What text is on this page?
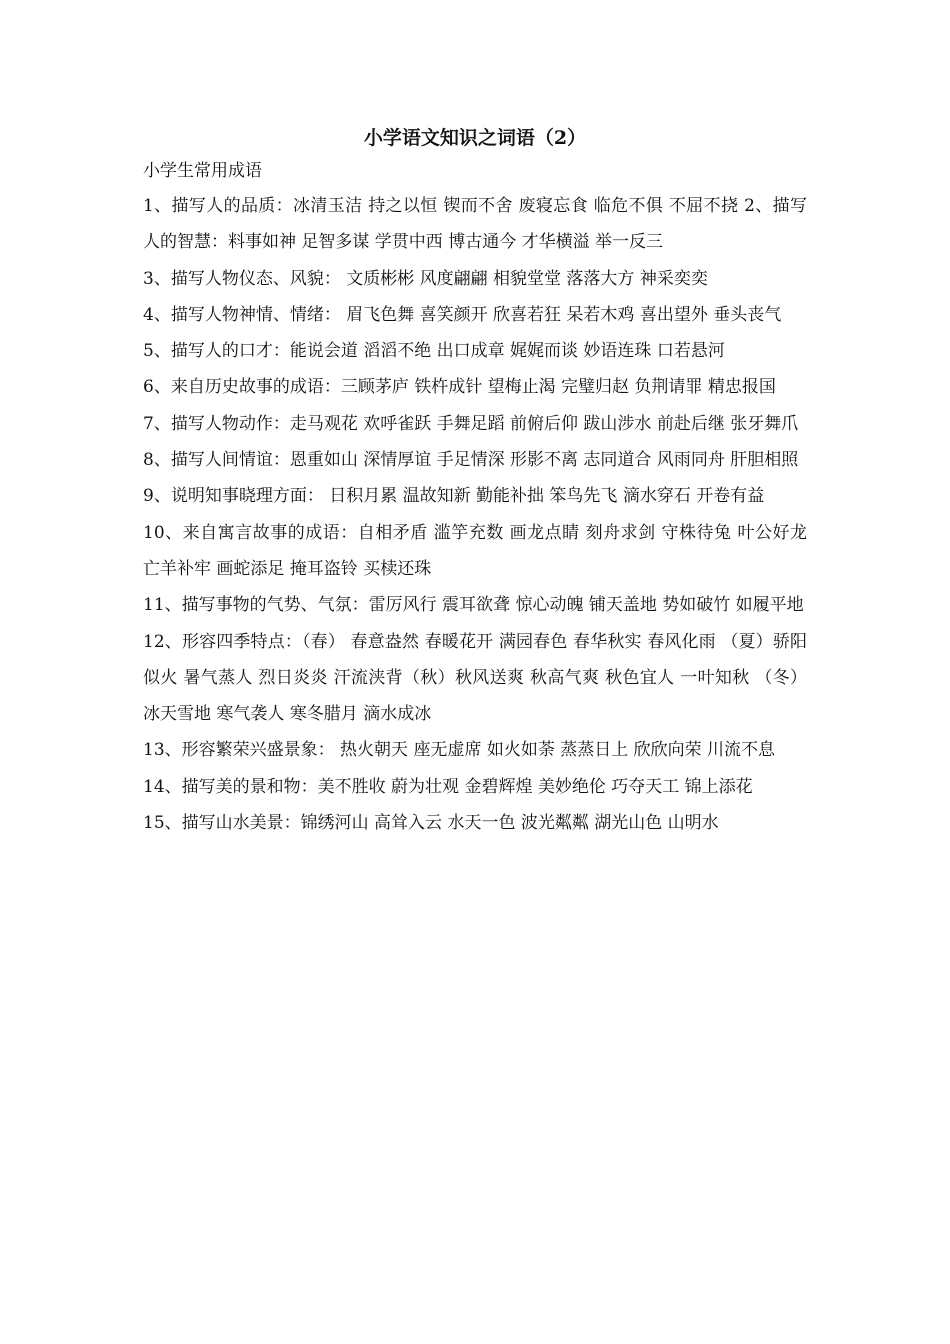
小学语文知识之词语（2）

小学生常用成语

1、描写人的品质：冰清玉洁 持之以恒 锲而不舍 废寝忘食 临危不俱 不屈不挠 2、描写人的智慧：料事如神 足智多谋 学贯中西 博古通今 才华横溢 举一反三

3、描写人物仪态、风貌： 文质彬彬 风度翩翩 相貌堂堂 落落大方 神采奕奕

4、描写人物神情、情绪： 眉飞色舞 喜笑颜开 欣喜若狂 呆若木鸡 喜出望外 垂头丧气

5、描写人的口才：能说会道 滔滔不绝 出口成章 娓娓而谈 妙语连珠 口若悬河

6、来自历史故事的成语：三顾茅庐 铁杵成针 望梅止渴 完璧归赵 负荆请罪 精忠报国

7、描写人物动作：走马观花 欢呼雀跃 手舞足蹈 前俯后仰 跋山涉水 前赴后继 张牙舞爪

8、描写人间情谊：恩重如山 深情厚谊 手足情深 形影不离 志同道合 风雨同舟 肝胆相照

9、说明知事晓理方面： 日积月累 温故知新 勤能补拙 笨鸟先飞 滴水穿石 开卷有益

10、来自寓言故事的成语：自相矛盾 滥竽充数 画龙点睛 刻舟求剑 守株待兔 叶公好龙 亡羊补牢 画蛇添足 掩耳盗铃 买椟还珠

11、描写事物的气势、气氛：雷厉风行 震耳欲聋 惊心动魄 铺天盖地 势如破竹 如履平地

12、形容四季特点：（春） 春意盎然 春暖花开 满园春色 春华秋实 春风化雨 （夏）骄阳似火 暑气蒸人 烈日炎炎 汗流浃背（秋）秋风送爽 秋高气爽 秋色宜人 一叶知秋 （冬） 冰天雪地 寒气袭人 寒冬腊月 滴水成冰

13、形容繁荣兴盛景象： 热火朝天 座无虚席 如火如荼 蒸蒸日上 欣欣向荣 川流不息

14、描写美的景和物：美不胜收 蔚为壮观 金碧辉煌 美妙绝伦 巧夺天工 锦上添花

15、描写山水美景：锦绣河山 高耸入云 水天一色 波光粼粼 湖光山色 山明水
